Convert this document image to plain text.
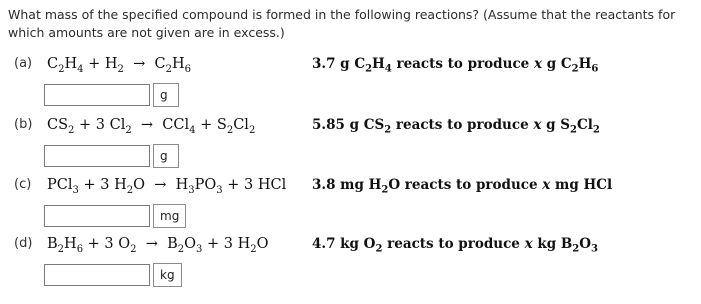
What mass of the specified compound is formed in the following reactions? (Assume that the reactants for which amounts are not given are in excess.)
(a) $C_2H_4 + H_2 \to C_2H_6$	3.7 g $C_2H_4$ reacts to produce x g $C_2H_6$
g
(b) $CS_2 + 3$ $Cl_2 \to CCl_4 + S_2Cl_2$	5.85 g $CS_2$ reacts to produce x g $S_2Cl_2$
g
(c) PCl$_3$ + 3 $H_2O \to H_3PO_3 + 3$ HCl 3.8 mg $H_2O$ reacts to produce x mg HCl
mg
(d) $B_2H_6 + 3$ $O_2 \to B_2O_3 + 3$ $H_2O$	4.7 kg $O_2$ reacts to produce x kg $B_2O_3$
kg
